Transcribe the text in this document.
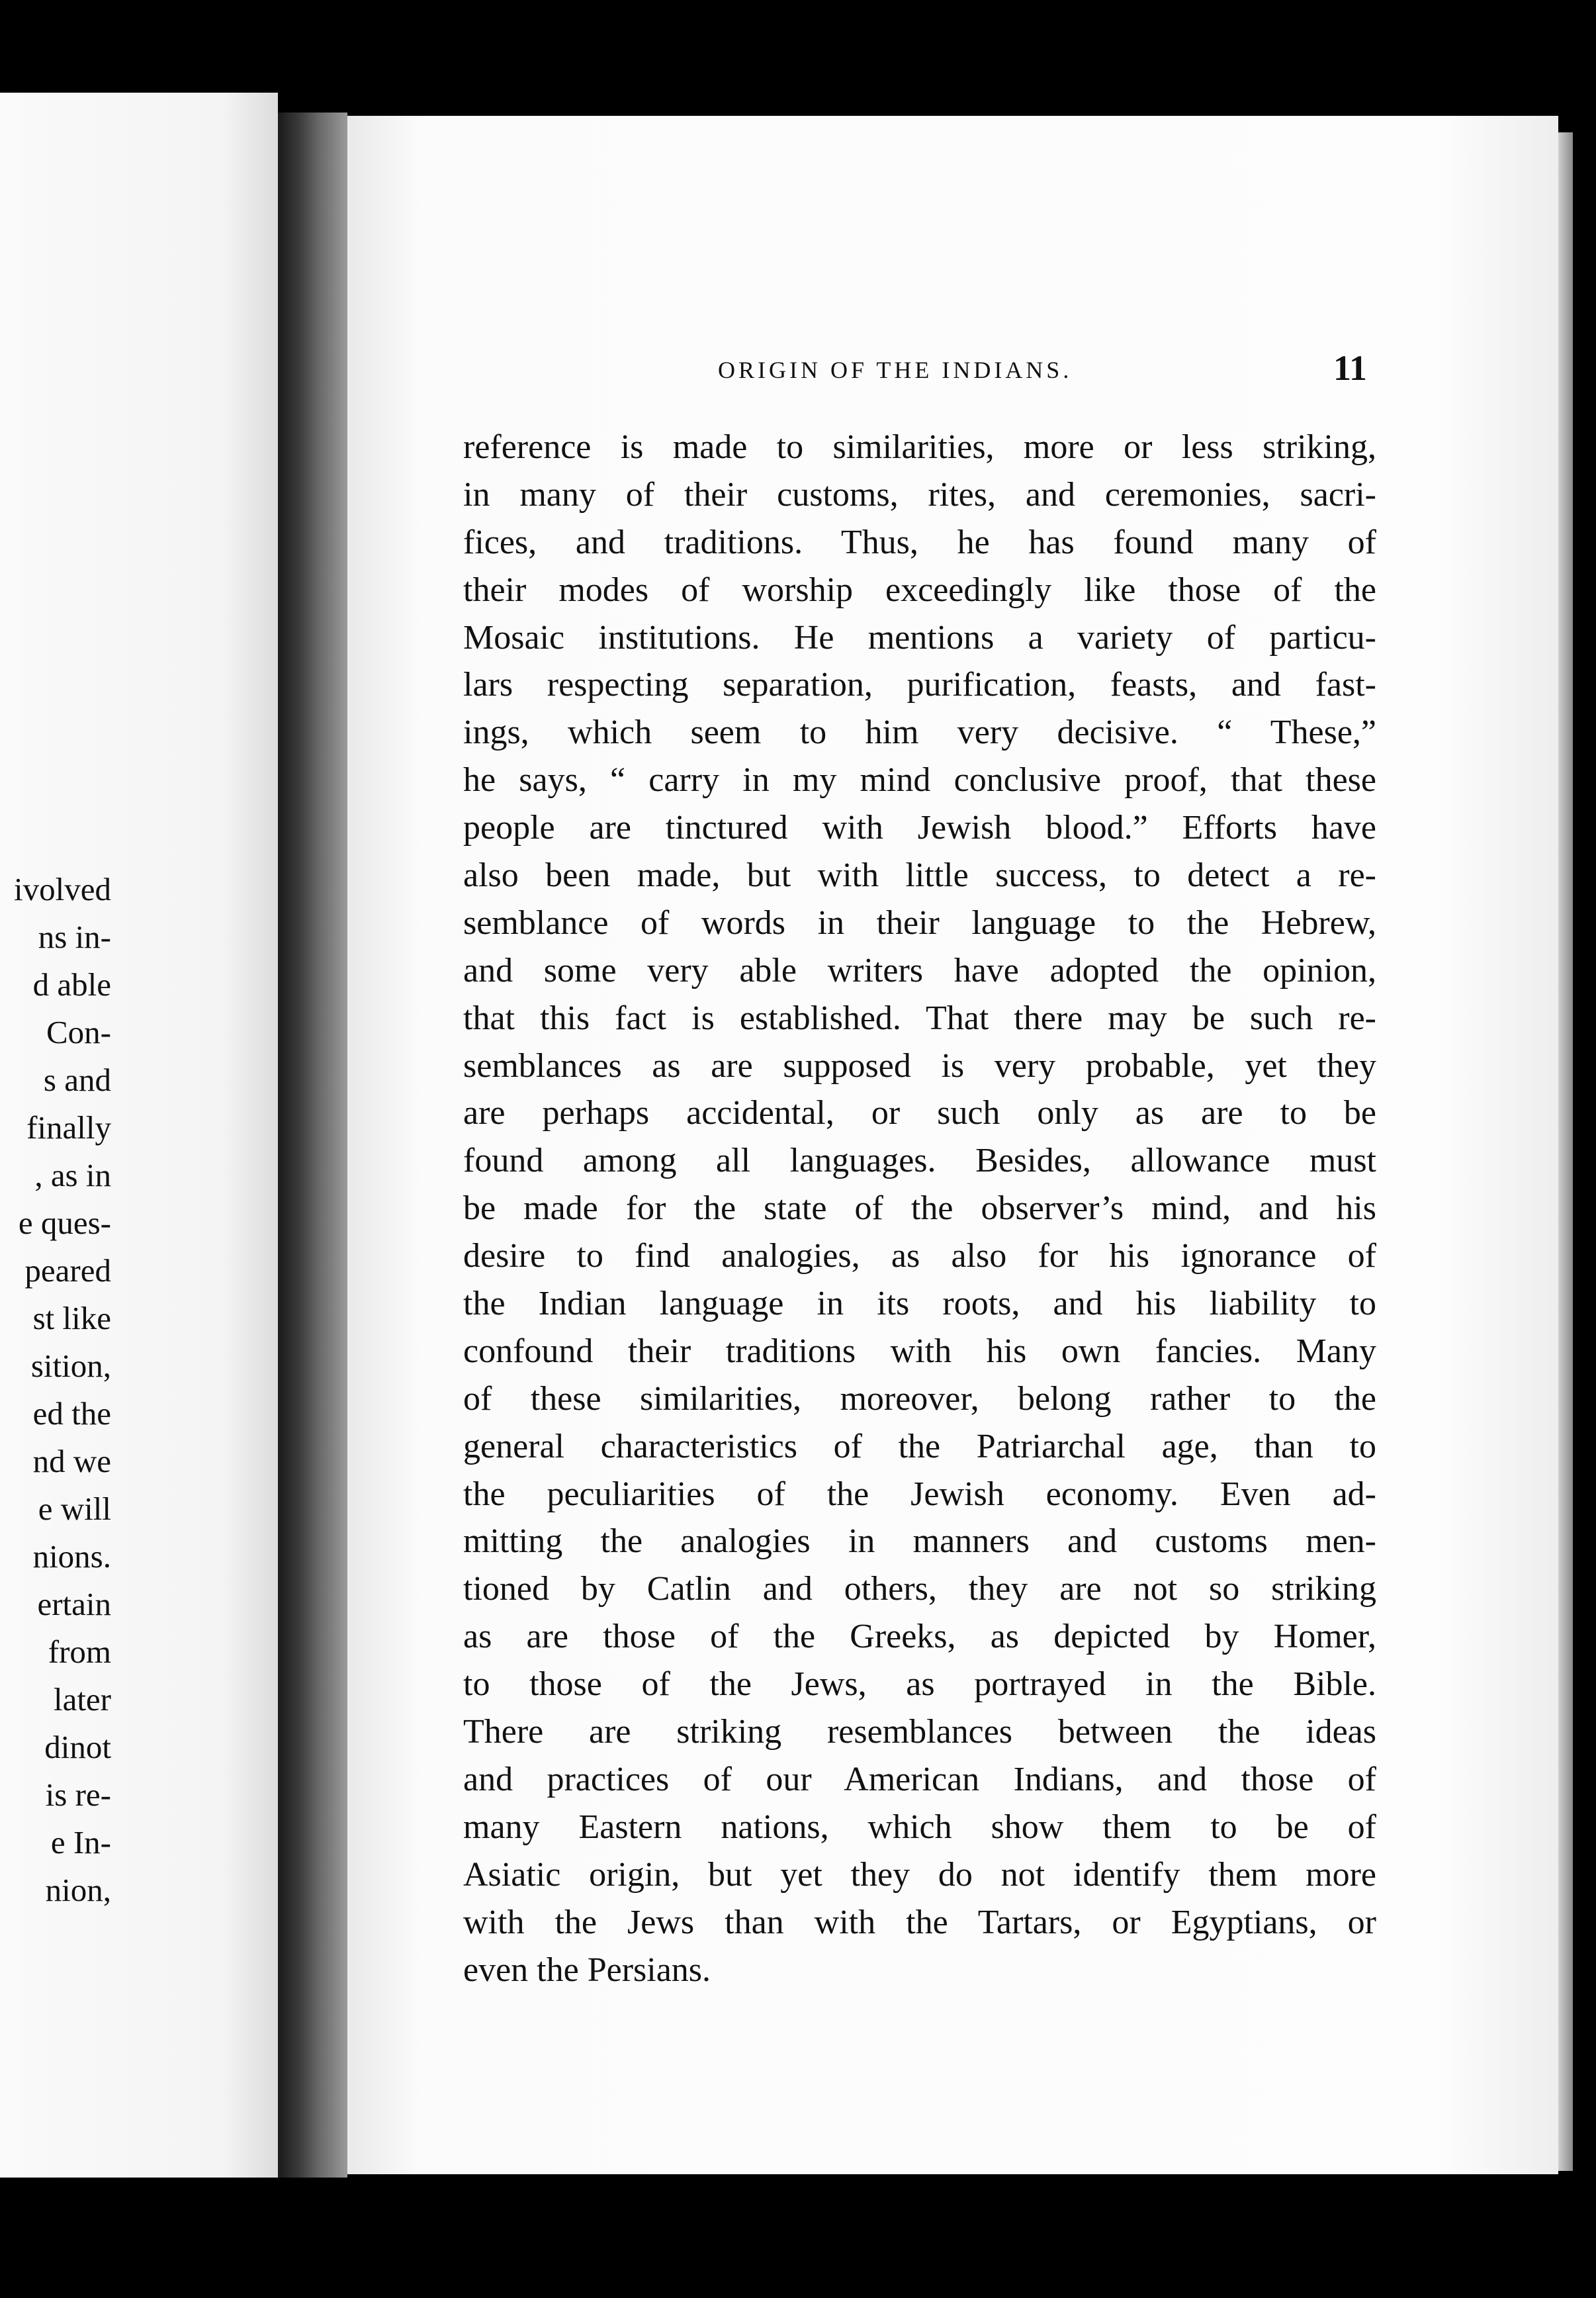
ivolved
ns in-
d able
Con-
s and
finally
, as in
e ques-
peared
st like
sition,
ed the
nd we
e will
nions.
ertain
from
later
dinot
is re-
e In-
nion,
ORIGIN OF THE INDIANS.	11
reference is made to similarities, more or less striking,
in many of their customs, rites, and ceremonies, sacri-
fices, and traditions. Thus, he has found many of
their modes of worship exceedingly like those of the
Mosaic institutions. He mentions a variety of particu-
lars respecting separation, purification, feasts, and fast-
ings, which seem to him very decisive. “ These,”
he says, “ carry in my mind conclusive proof, that these
people are tinctured with Jewish blood.” Efforts have
also been made, but with little success, to detect a re-
semblance of words in their language to the Hebrew,
and some very able writers have adopted the opinion,
that this fact is established. That there may be such re-
semblances as are supposed is very probable, yet they
are perhaps accidental, or such only as are to be
found among all languages. Besides, allowance must
be made for the state of the observer’s mind, and his
desire to find analogies, as also for his ignorance of
the Indian language in its roots, and his liability to
confound their traditions with his own fancies. Many
of these similarities, moreover, belong rather to the
general characteristics of the Patriarchal age, than to
the peculiarities of the Jewish economy. Even ad-
mitting the analogies in manners and customs men-
tioned by Catlin and others, they are not so striking
as are those of the Greeks, as depicted by Homer,
to those of the Jews, as portrayed in the Bible.
There are striking resemblances between the ideas
and practices of our American Indians, and those of
many Eastern nations, which show them to be of
Asiatic origin, but yet they do not identify them more
with the Jews than with the Tartars, or Egyptians, or
even the Persians.
